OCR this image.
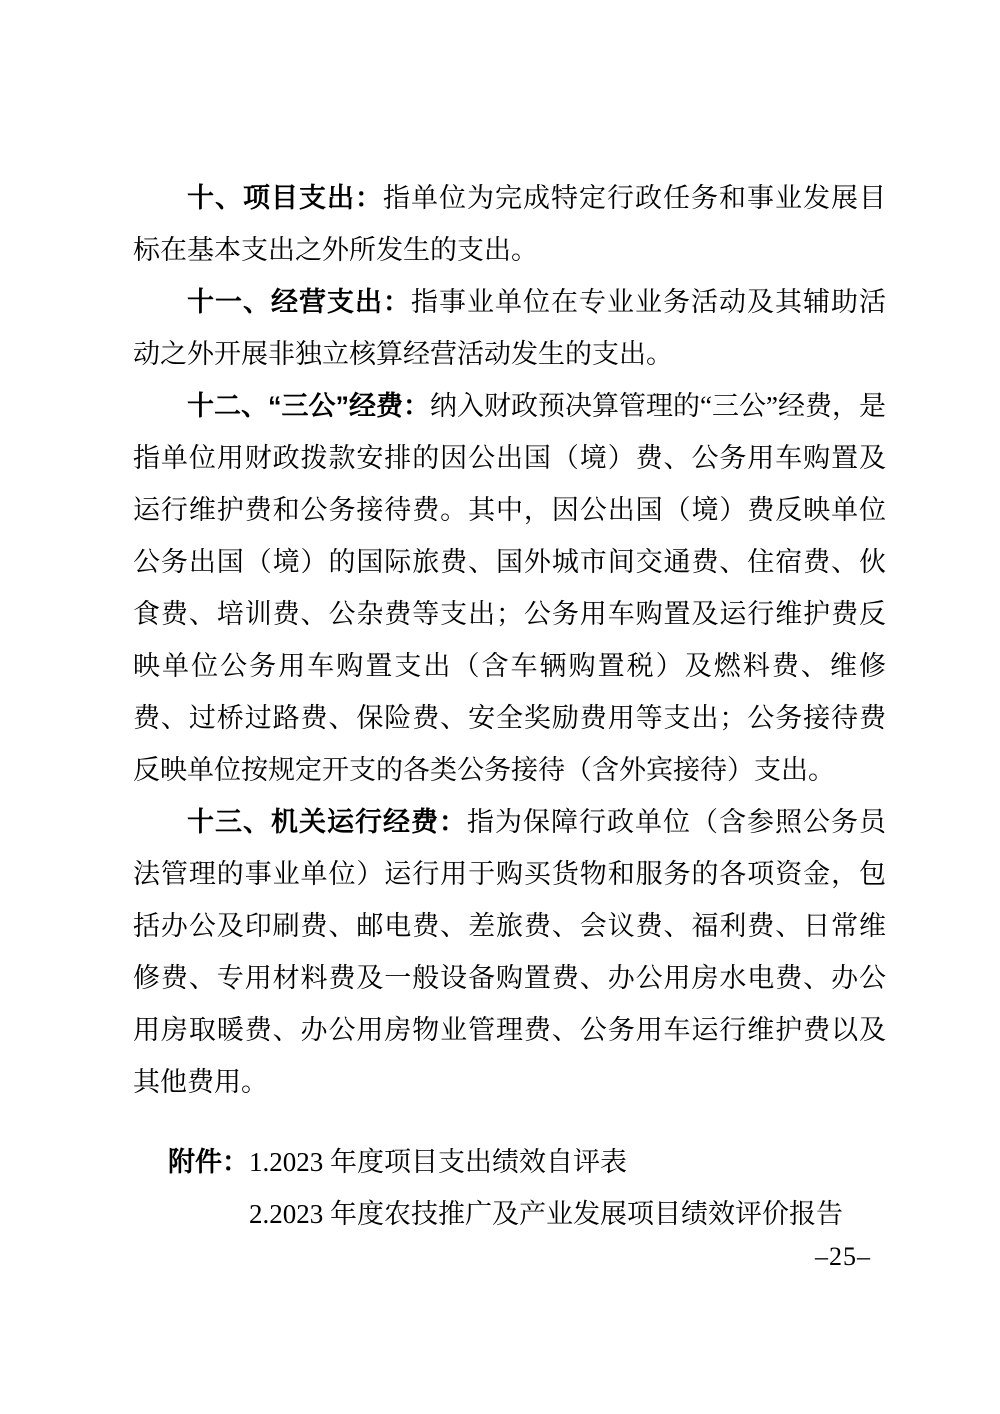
十、项目支出：指单位为完成特定行政任务和事业发展目标在基本支出之外所发生的支出。

十一、经营支出：指事业单位在专业业务活动及其辅助活动之外开展非独立核算经营活动发生的支出。

十二、“三公”经费：纳入财政预决算管理的“三公”经费，是指单位用财政拨款安排的因公出国（境）费、公务用车购置及运行维护费和公务接待费。其中，因公出国（境）费反映单位公务出国（境）的国际旅费、国外城市间交通费、住宿费、伙食费、培训费、公杂费等支出；公务用车购置及运行维护费反映单位公务用车购置支出（含车辆购置税）及燃料费、维修费、过桥过路费、保险费、安全奖励费用等支出；公务接待费反映单位按规定开支的各类公务接待（含外宾接待）支出。

十三、机关运行经费：指为保障行政单位（含参照公务员法管理的事业单位）运行用于购买货物和服务的各项资金，包括办公及印刷费、邮电费、差旅费、会议费、福利费、日常维修费、专用材料费及一般设备购置费、办公用房水电费、办公用房取暖费、办公用房物业管理费、公务用车运行维护费以及其他费用。

附件： 1.2023 年度项目支出绩效自评表
2.2023 年度农技推广及产业发展项目绩效评价报告
–25–
